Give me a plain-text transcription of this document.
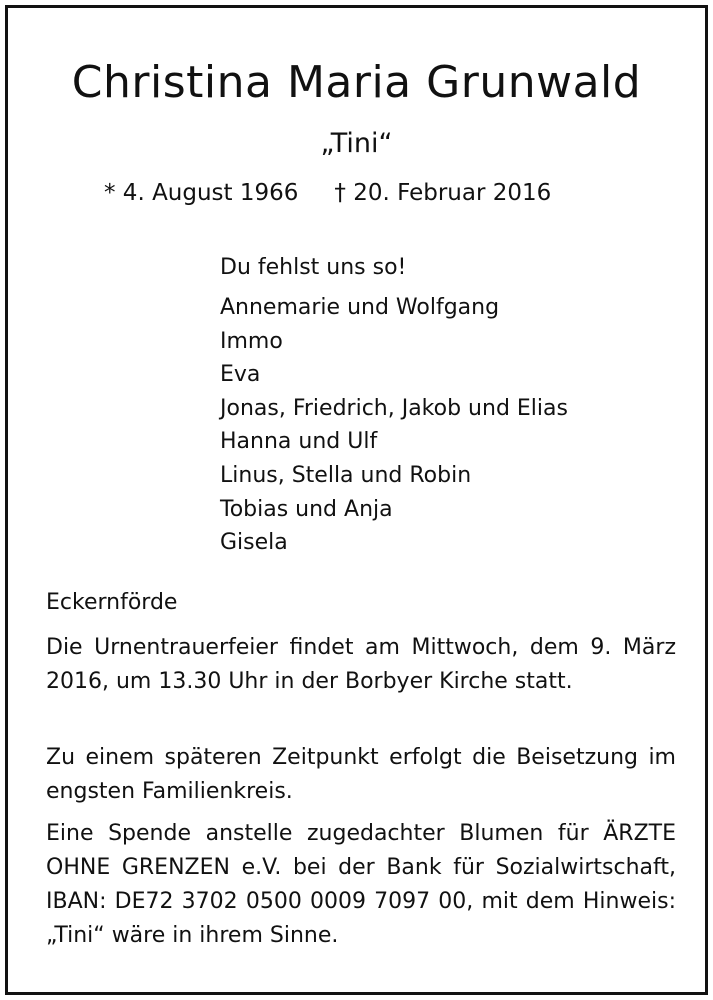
Christina Maria Grunwald
„Tini“
* 4. August 1966 † 20. Februar 2016
Du fehlst uns so!
Annemarie und Wolfgang
Immo
Eva
Jonas, Friedrich, Jakob und Elias
Hanna und Ulf
Linus, Stella und Robin
Tobias und Anja
Gisela
Eckernförde
Die Urnentrauerfeier findet am Mittwoch, dem 9. März 2016, um 13.30 Uhr in der Borbyer Kirche statt.
Zu einem späteren Zeitpunkt erfolgt die Beisetzung im engsten Familienkreis.
Eine Spende anstelle zugedachter Blumen für ÄRZTE OHNE GRENZEN e.V. bei der Bank für Sozialwirtschaft, IBAN: DE72 3702 0500 0009 7097 00, mit dem Hinweis: „Tini“ wäre in ihrem Sinne.
